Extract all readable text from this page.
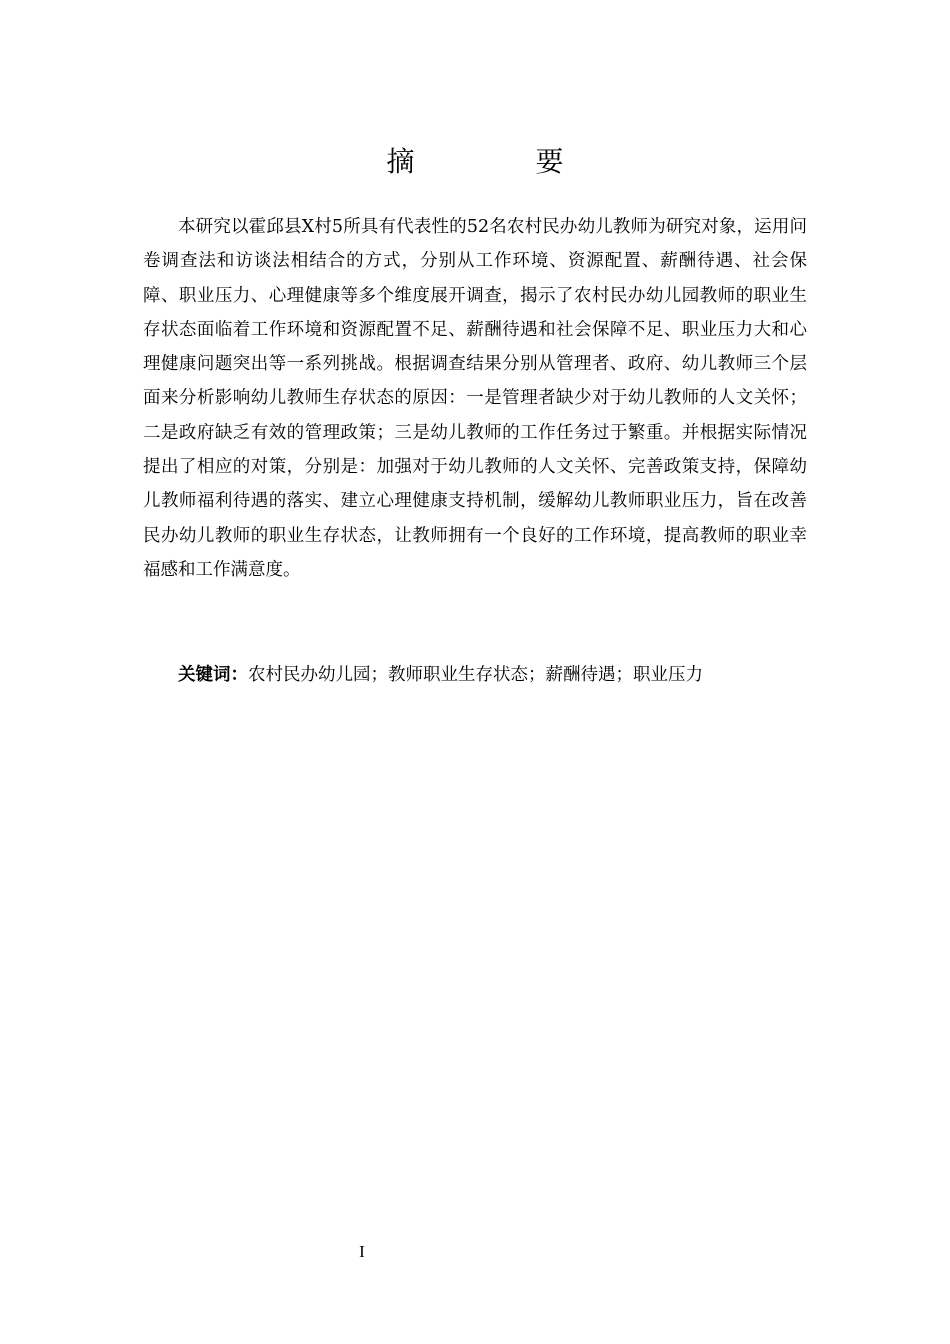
摘 要

本研究以霍邱县X村5所具有代表性的52名农村民办幼儿教师为研究对象，运用问卷调查法和访谈法相结合的方式，分别从工作环境、资源配置、薪酬待遇、社会保障、职业压力、心理健康等多个维度展开调查，揭示了农村民办幼儿园教师的职业生存状态面临着工作环境和资源配置不足、薪酬待遇和社会保障不足、职业压力大和心理健康问题突出等一系列挑战。根据调查结果分别从管理者、政府、幼儿教师三个层面来分析影响幼儿教师生存状态的原因：一是管理者缺少对于幼儿教师的人文关怀；二是政府缺乏有效的管理政策；三是幼儿教师的工作任务过于繁重。并根据实际情况提出了相应的对策，分别是：加强对于幼儿教师的人文关怀、完善政策支持，保障幼儿教师福利待遇的落实、建立心理健康支持机制，缓解幼儿教师职业压力，旨在改善民办幼儿教师的职业生存状态，让教师拥有一个良好的工作环境，提高教师的职业幸福感和工作满意度。

关键词：农村民办幼儿园；教师职业生存状态；薪酬待遇；职业压力

I
